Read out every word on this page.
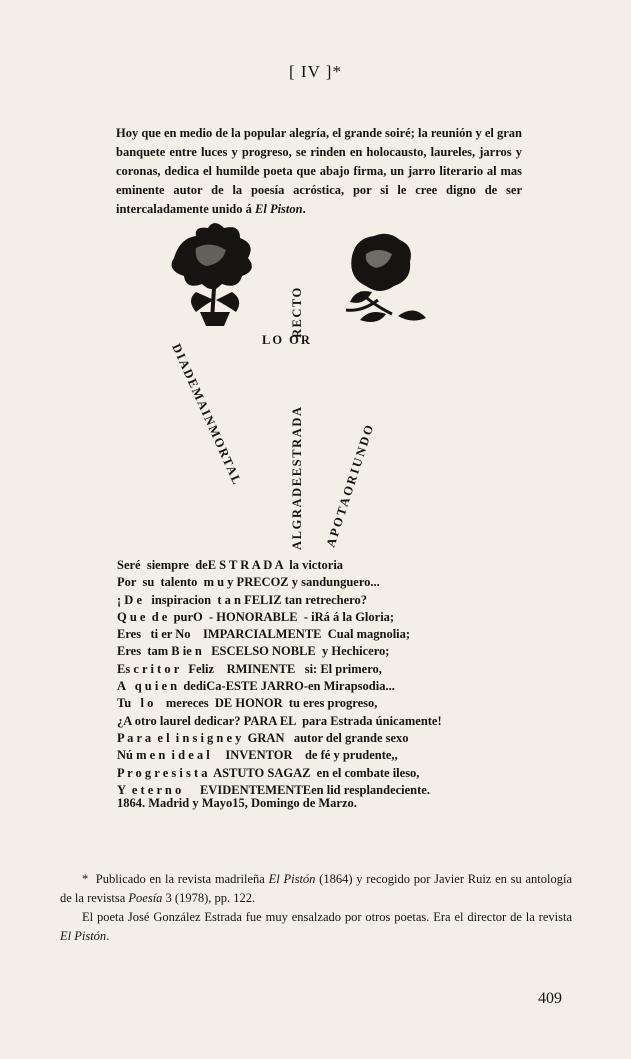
[ IV ]*
Hoy que en medio de la popular alegría, el grande soiré; la reunión y el gran banquete entre luces y progreso, se rinden en holocausto, laureles, jarros y coronas, dedica el humilde poeta que abajo firma, un jarro literario al mas eminente autor de la poesía acróstica, por si le cree digno de ser intercaladamente unido á El Piston.
LO OR
ALGRADEESTRADA
RECTO
DIADEMAINMORTAL	APOTAORIUNDO
Seré  siempre  deE S T R A D A  la victoria
Por  su  talento  m u y PRECOZ y sandunguero...
¡ D e   inspiracion  t a n FELIZ tan retrechero?
Q u e  d e  purO  - HONORABLE  - iRá á la Gloria;
Eres   ti er No    IMPARCIALMENTE  Cual magnolia;
Eres  tam B ie n   ESCELSO NOBLE  y Hechicero;
Es c r i t o r   Feliz    RMINENTE   si: El primero,
A   q u i e n  dediCa-ESTE JARRO-en Mirapsodia...
Tu   l o    mereces  DE HONOR  tu eres progreso,
¿A otro laurel dedicar? PARA EL  para Estrada únicamente!
P a r a  e l  i n s i g n e y  GRAN   autor del grande sexo
Nú m e n  i d e a l     INVENTOR    de fé y prudente,,
P r o g r e s i s t a  ASTUTO SAGAZ  en el combate ileso,
Y  e t e r n o      EVIDENTEMENTEen lid resplandeciente.
1864. Madrid y Mayo15, Domingo de Marzo.

* Publicado en la revista madrileña El Pistón (1864) y recogido por Javier Ruiz en su antología de la revistsa Poesía 3 (1978), pp. 122.

El poeta José González Estrada fue muy ensalzado por otros poetas. Era el director de la revista El Pistón.

409
